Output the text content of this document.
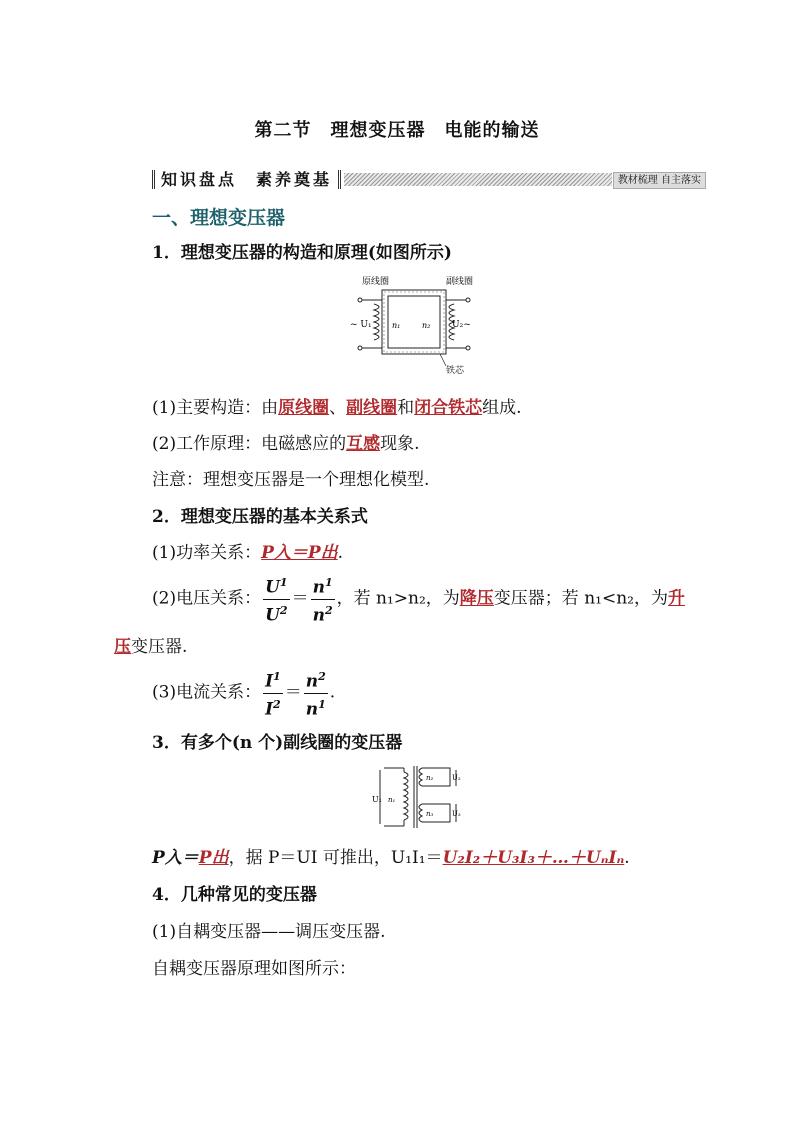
第二节　理想变压器　电能的输送
知识盘点　素养奠基	教材梳理 自主落实
一、理想变压器
1．理想变压器的构造和原理(如图所示)
原线圈	副线圈
铁芯
~ U₁	n₁	n₂ U₂~
(1)主要构造：由原线圈、副线圈和闭合铁芯组成.
(2)工作原理：电磁感应的互感现象.
注意：理想变压器是一个理想化模型.
2．理想变压器的基本关系式
(1)功率关系：P入＝P出.
(2)电压关系： $\frac{U^1}{U^2} = \frac{n^1}{n^2}$ ，若 n₁>n₂，为降压变压器；若 n₁<n₂，为升
压变压器.
(3)电流关系： $\frac{I^1}{I^2} = \frac{n^2}{n^1}$ .
3．有多个(n 个)副线圈的变压器
U₁ n₁
n₂
n₃
U₂
U₃
P入＝P出，据 P＝UI 可推出，U₁I₁＝U₂I₂＋U₃I₃＋…＋UₙIₙ.
4．几种常见的变压器
(1)自耦变压器——调压变压器.
自耦变压器原理如图所示：
